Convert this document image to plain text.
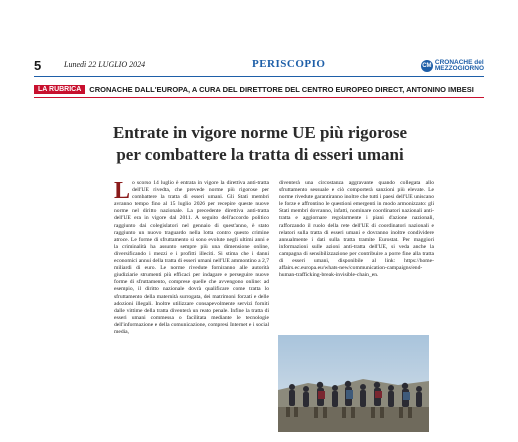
5	Lunedì 22 LUGLIO 2024	PERISCOPIO	CM
CRONACHE del
MEZZOGIORNO
LA RUBRICA	CRONACHE DALL'EUROPA, A CURA DEL DIRETTORE DEL CENTRO EUROPEO DIRECT, ANTONINO IMBESI
Entrate in vigore norme UE più rigorose
per combattere la tratta di esseri umani
Lo scorso 14 luglio è entrata in vigore la direttiva anti-tratta dell'UE rivedta, che prevede norme più rigorose per combattere la tratta di esseri umani. Gli Stati membri avranno tempo fino al 15 luglio 2026 per recepire queste nuove norme nel diritto nazionale. La precedente direttiva anti-tratta dell'UE era in vigore dal 2011. A seguito dell'accordo politico raggiunto dai colegislatori nel gennaio di quest'anno, è stato raggiunto un nuovo traguardo nella lotta contro questo crimine atroce. Le forme di sfruttamento si sono evolute negli ultimi anni e la criminalità ha assunto sempre più una dimensione online, diversificando i mezzi e i profitti illeciti. Si stima che i danni economici annui della tratta di esseri umani nell'UE ammontino a 2,7 miliardi di euro. Le norme rivedute forniranno alle autorità giudiziarie strumenti più efficaci per indagare e perseguire nuove forme di sfruttamento, comprese quelle che avvengono online: ad esempio, il diritto nazionale dovrà qualificare come tratta lo sfruttamento della maternità surrogata, dei matrimoni forzati e delle adozioni illegali. Inoltre utilizzare consapevolmente servizi forniti dalle vittime della tratta diventerà un reato penale. Infine la tratta di esseri umani commessa o facilitata mediante le tecnologie dell'informazione e della comunicazione, compresi Internet e i social media,
diventerà una circostanza aggravante quando collegata allo sfruttamento sessuale e ciò comporterà sanzioni più elevate. Le norme rivedute garantiranno inoltre che tutti i paesi dell'UE uniscano le forze e affrontino le questioni emergenti in modo armonizzato: gli Stati membri dovranno, infatti, nominare coordinatori nazionali anti-tratta e aggiornare regolarmente i piani d'azione nazionali, rafforzando il ruolo della rete dell'UE di coordinatori nazionali e relatori sulla tratta di esseri umani e dovranno inoltre condividere annualmente i dati sulla tratta tramite Eurostat. Per maggiori informazioni sulle azioni anti-tratta dell'UE, si veda anche la campagna di sensibilizzazione per contribuire a porre fine alla tratta di esseri umani, disponibile al link: https://home-affairs.ec.europa.eu/whats-new/communication-campaigns/end-human-trafficking-break-invisible-chain_en.
